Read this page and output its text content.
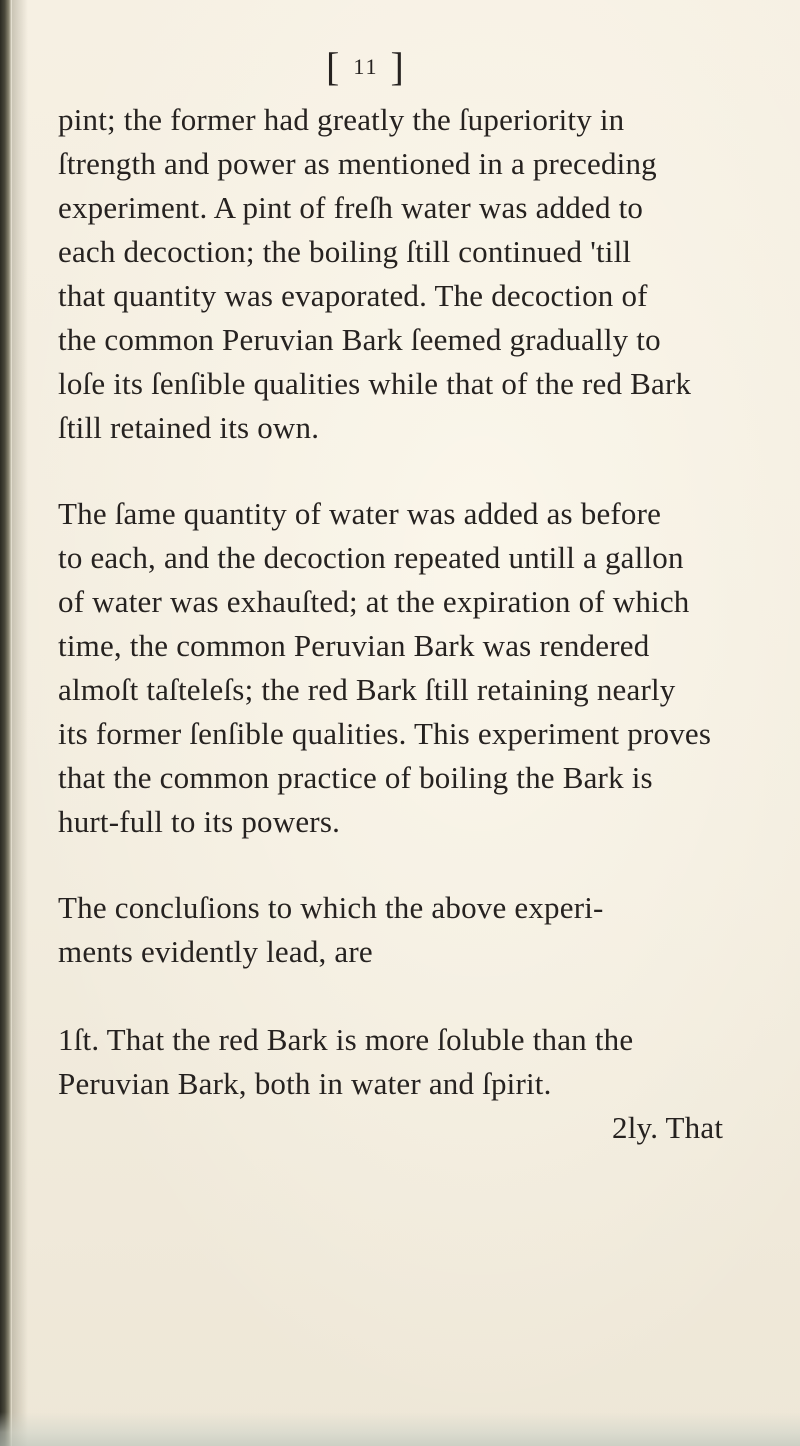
[ 11 ]
pint; the former had greatly the ſuperiority in
ſtrength and power as mentioned in a preceding
experiment. A pint of freſh water was added to
each decoction; the boiling ſtill continued 'till
that quantity was evaporated. The decoction of
the common Peruvian Bark ſeemed gradually to
loſe its ſenſible qualities while that of the red Bark
ſtill retained its own.
The ſame quantity of water was added as before
to each, and the decoction repeated untill a gallon
of water was exhauſted; at the expiration of which
time, the common Peruvian Bark was rendered
almoſt taſteleſs; the red Bark ſtill retaining nearly
its former ſenſible qualities. This experiment proves
that the common practice of boiling the Bark is
hurt-full to its powers.
The concluſions to which the above experi-
ments evidently lead, are
1ſt. That the red Bark is more ſoluble than the
Peruvian Bark, both in water and ſpirit.
2ly. That
